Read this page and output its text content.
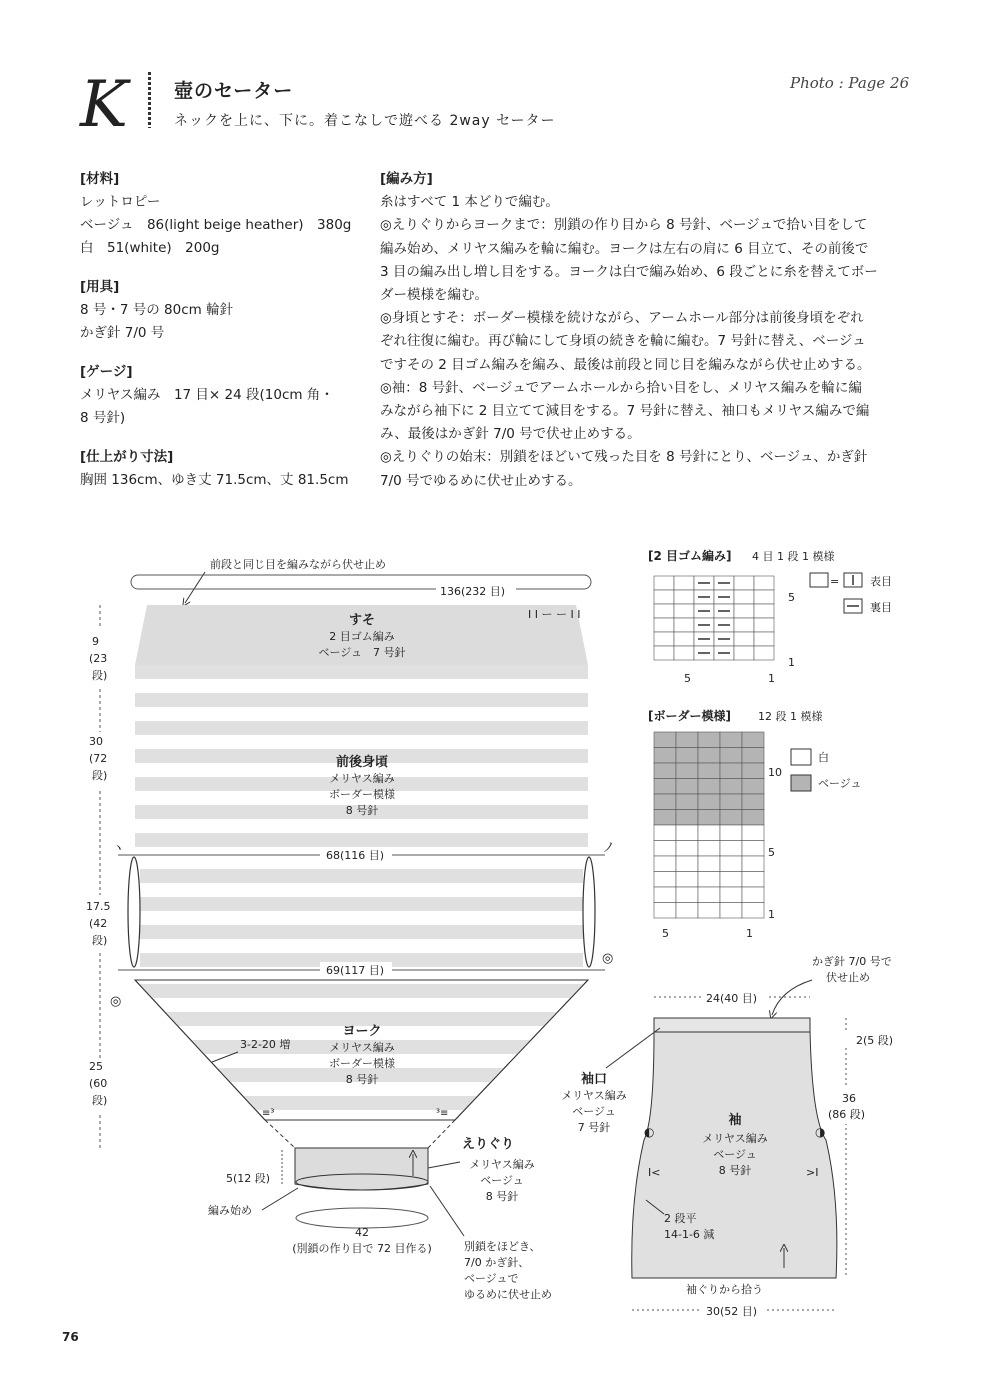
K	壺のセーター
ネックを上に、下に。着こなしで遊べる 2way セーター
Photo : Page 26
[材料]
レットロピー
ベージュ　86(light beige heather)　380g
白　51(white)　200g
[用具]
8 号・7 号の 80cm 輪針
かぎ針 7/0 号
[ゲージ]
メリヤス編み　17 目× 24 段(10cm 角・
8 号針)
[仕上がり寸法]
胸囲 136cm、ゆき丈 71.5cm、丈 81.5cm
[編み方]
糸はすべて 1 本どりで編む。
◎えりぐりからヨークまで：別鎖の作り目から 8 号針、ベージュで拾い目をして
編み始め、メリヤス編みを輪に編む。ヨークは左右の肩に 6 目立て、その前後で
3 目の編み出し増し目をする。ヨークは白で編み始め、6 段ごとに糸を替えてボー
ダー模様を編む。
◎身頃とすそ：ボーダー模様を続けながら、アームホール部分は前後身頃をぞれ
ぞれ往復に編む。再び輪にして身頃の続きを輪に編む。7 号針に替え、ベージュ
ですその 2 目ゴム編みを編み、最後は前段と同じ目を編みながら伏せ止めする。
◎袖：8 号針、ベージュでアームホールから拾い目をし、メリヤス編みを輪に編
みながら袖下に 2 目立てて減目をする。7 号針に替え、袖口もメリヤス編みで編
み、最後はかぎ針 7/0 号で伏せ止めする。
◎えりぐりの始末：別鎖をほどいて残った目を 8 号針にとり、ベージュ、かぎ針
7/0 号でゆるめに伏せ止めする。
前段と同じ目を編みながら伏せ止め
136(232 目)
I I ー ー I I
すそ
2 目ゴム編み
ベージュ　7 号針
前後身頃
メリヤス編み
ボーダー模様
8 号針
68(116 目)
ヽ	ノ
69(117 目)
◎
◎
ヨーク
メリヤス編み
ボーダー模様
8 号針
3-2-20 増
≡³	³≡
えりぐり
メリヤス編み
ベージュ
8 号針
5(12 段)
編み始め
42
(別鎖の作り目で 72 目作る)	別鎖をほどき、
7/0 かぎ針、
ベージュで
ゆるめに伏せ止め
9
(23
段)
30
(72
段)
17.5
(42
段)
25
(60
段)
[2 目ゴム編み] 4 目 1 段 1 模様
5
1
5	1
=	表目
裏目
[ボーダー模様] 12 段 1 模様
10
5
1
5	1
白
ベージュ
かぎ針 7/0 号で
伏せ止め
24(40 目)
袖
メリヤス編み
ベージュ
8 号針
袖口
メリヤス編み
ベージュ
7 号針	◐	◑
I<	>I
2 段平
14-1-6 減
袖ぐりから拾う
30(52 目)
2(5 段)
36
(86 段)
76
